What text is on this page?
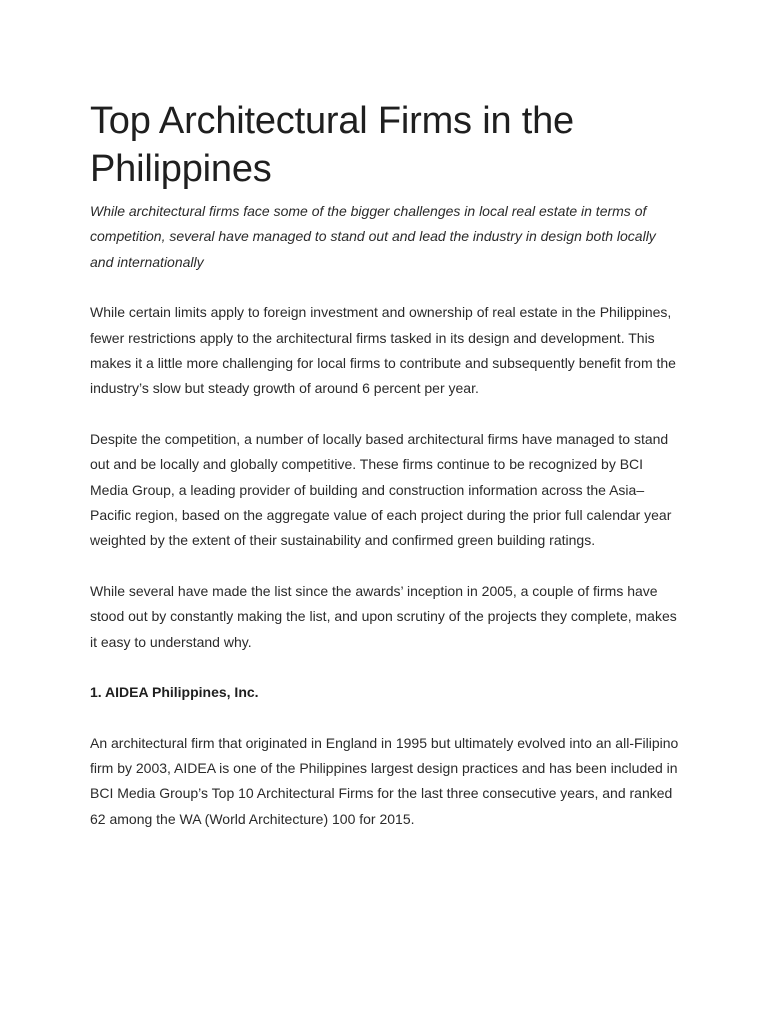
Top Architectural Firms in the Philippines

While architectural firms face some of the bigger challenges in local real estate in terms of competition, several have managed to stand out and lead the industry in design both locally and internationally

While certain limits apply to foreign investment and ownership of real estate in the Philippines, fewer restrictions apply to the architectural firms tasked in its design and development. This makes it a little more challenging for local firms to contribute and subsequently benefit from the industry’s slow but steady growth of around 6 percent per year.

Despite the competition, a number of locally based architectural firms have managed to stand out and be locally and globally competitive. These firms continue to be recognized by BCI Media Group, a leading provider of building and construction information across the Asia–Pacific region, based on the aggregate value of each project during the prior full calendar year weighted by the extent of their sustainability and confirmed green building ratings.

While several have made the list since the awards’ inception in 2005, a couple of firms have stood out by constantly making the list, and upon scrutiny of the projects they complete, makes it easy to understand why.

1. AIDEA Philippines, Inc.

An architectural firm that originated in England in 1995 but ultimately evolved into an all-Filipino firm by 2003, AIDEA is one of the Philippines largest design practices and has been included in BCI Media Group’s Top 10 Architectural Firms for the last three consecutive years, and ranked 62 among the WA (World Architecture) 100 for 2015.
